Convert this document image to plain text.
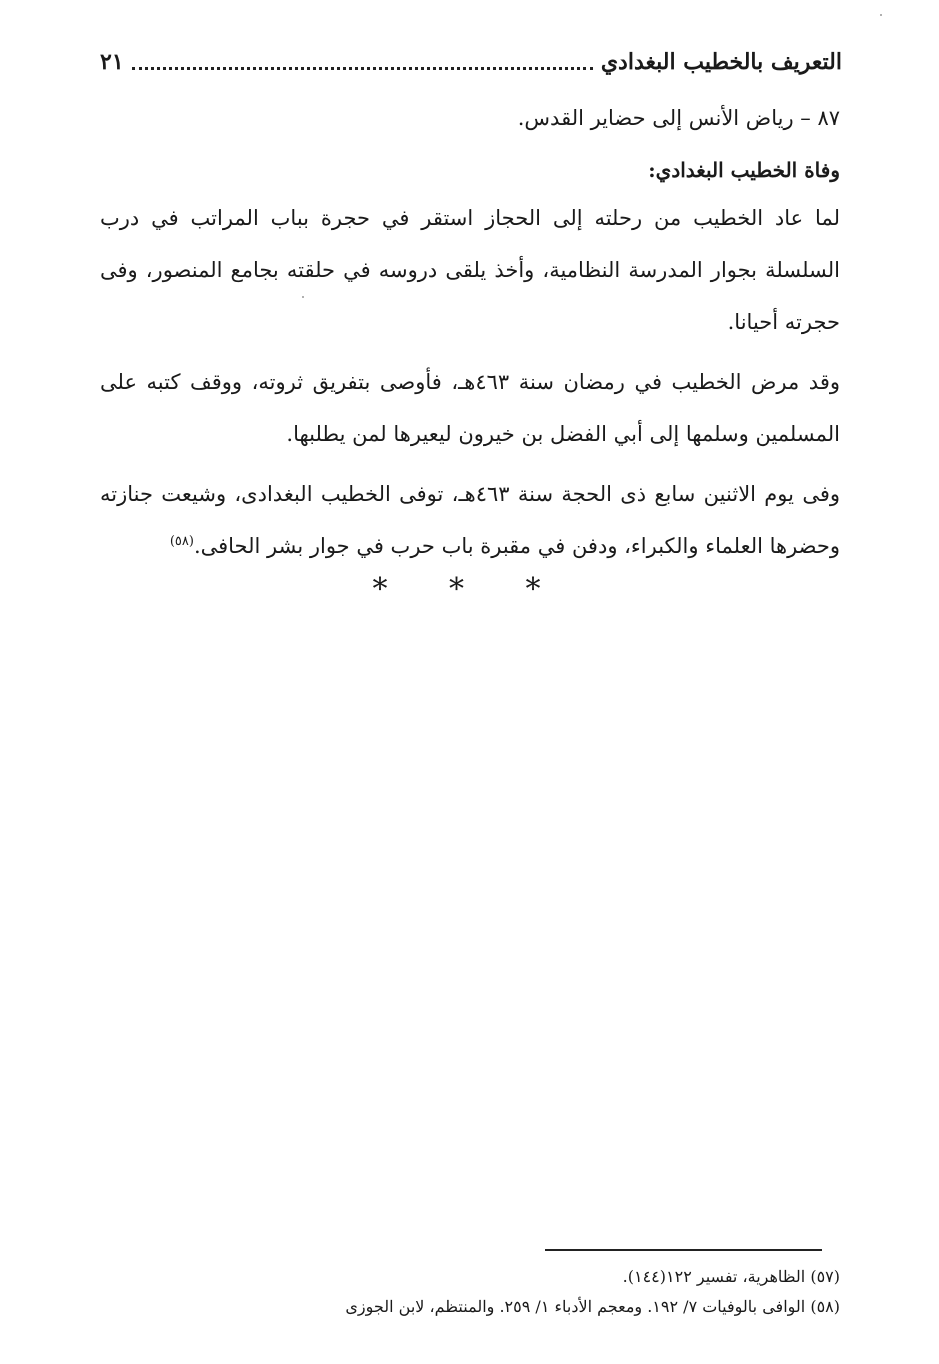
التعريف بالخطيب البغدادي
٢١

٨٧ – رياض الأنس إلى حضاير القدس.

وفاة الخطيب البغدادي:

لما عاد الخطيب من رحلته إلى الحجاز استقر في حجرة بباب المراتب في درب السلسلة بجوار المدرسة النظامية، وأخذ يلقى دروسه في حلقته بجامع المنصور، وفى حجرته أحيانا.

وقد مرض الخطيب في رمضان سنة ٤٦٣هـ، فأوصى بتفريق ثروته، ووقف كتبه على المسلمين وسلمها إلى أبي الفضل بن خيرون ليعيرها لمن يطلبها.

وفى يوم الاثنين سابع ذى الحجة سنة ٤٦٣هـ، توفى الخطيب البغدادى، وشيعت جنازته وحضرها العلماء والكبراء، ودفن في مقبرة باب حرب في جوار بشر الحافى.$^{(٥٨)}$

* * *

(٥٧) الظاهرية، تفسير ١٢٢(١٤٤).

(٥٨) الوافى بالوفيات ٧/ ١٩٢. ومعجم الأدباء ١/ ٢٥٩. والمنتظم، لابن الجوزى
